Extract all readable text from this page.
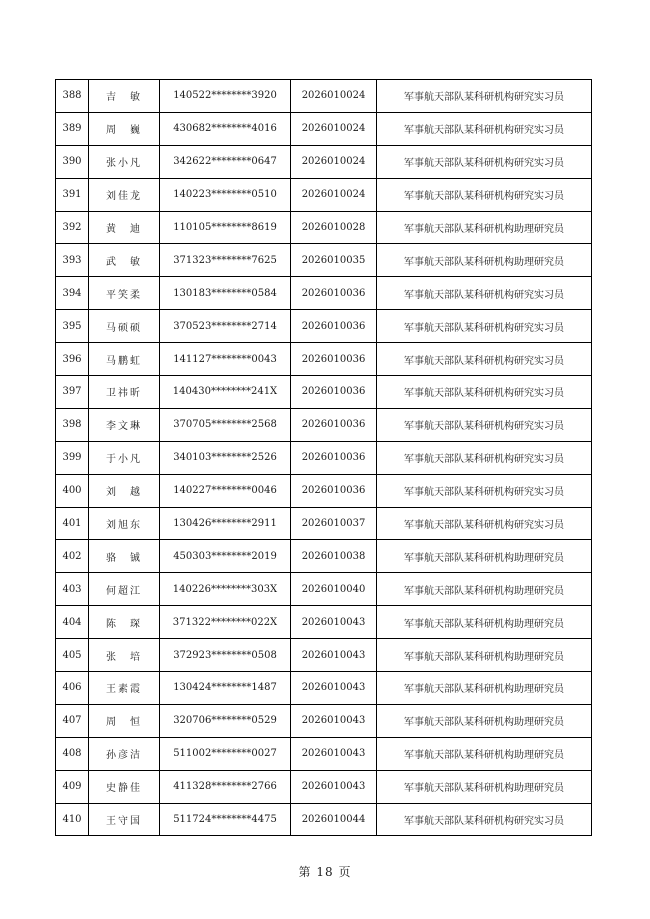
388	吉　敏	140522********3920	2026010024	军事航天部队某科研机构研究实习员
389	周　巍	430682********4016	2026010024	军事航天部队某科研机构研究实习员
390	张小凡	342622********0647	2026010024	军事航天部队某科研机构研究实习员
391	刘佳龙	140223********0510	2026010024	军事航天部队某科研机构研究实习员
392	黄　迪	110105********8619	2026010028	军事航天部队某科研机构助理研究员
393	武　敏	371323********7625	2026010035	军事航天部队某科研机构助理研究员
394	平笑柔	130183********0584	2026010036	军事航天部队某科研机构研究实习员
395	马硕硕	370523********2714	2026010036	军事航天部队某科研机构研究实习员
396	马鹏虹	141127********0043	2026010036	军事航天部队某科研机构研究实习员
397	卫祎昕	140430********241X	2026010036	军事航天部队某科研机构研究实习员
398	李文琳	370705********2568	2026010036	军事航天部队某科研机构研究实习员
399	于小凡	340103********2526	2026010036	军事航天部队某科研机构研究实习员
400	刘　越	140227********0046	2026010036	军事航天部队某科研机构研究实习员
401	刘旭东	130426********2911	2026010037	军事航天部队某科研机构研究实习员
402	骆　铖	450303********2019	2026010038	军事航天部队某科研机构助理研究员
403	何超江	140226********303X	2026010040	军事航天部队某科研机构助理研究员
404	陈　琛	371322********022X	2026010043	军事航天部队某科研机构助理研究员
405	张　培	372923********0508	2026010043	军事航天部队某科研机构助理研究员
406	王素霞	130424********1487	2026010043	军事航天部队某科研机构助理研究员
407	周　恒	320706********0529	2026010043	军事航天部队某科研机构助理研究员
408	孙彦洁	511002********0027	2026010043	军事航天部队某科研机构助理研究员
409	史静佳	411328********2766	2026010043	军事航天部队某科研机构助理研究员
410	王守国	511724********4475	2026010044	军事航天部队某科研机构研究实习员
第 18 页
